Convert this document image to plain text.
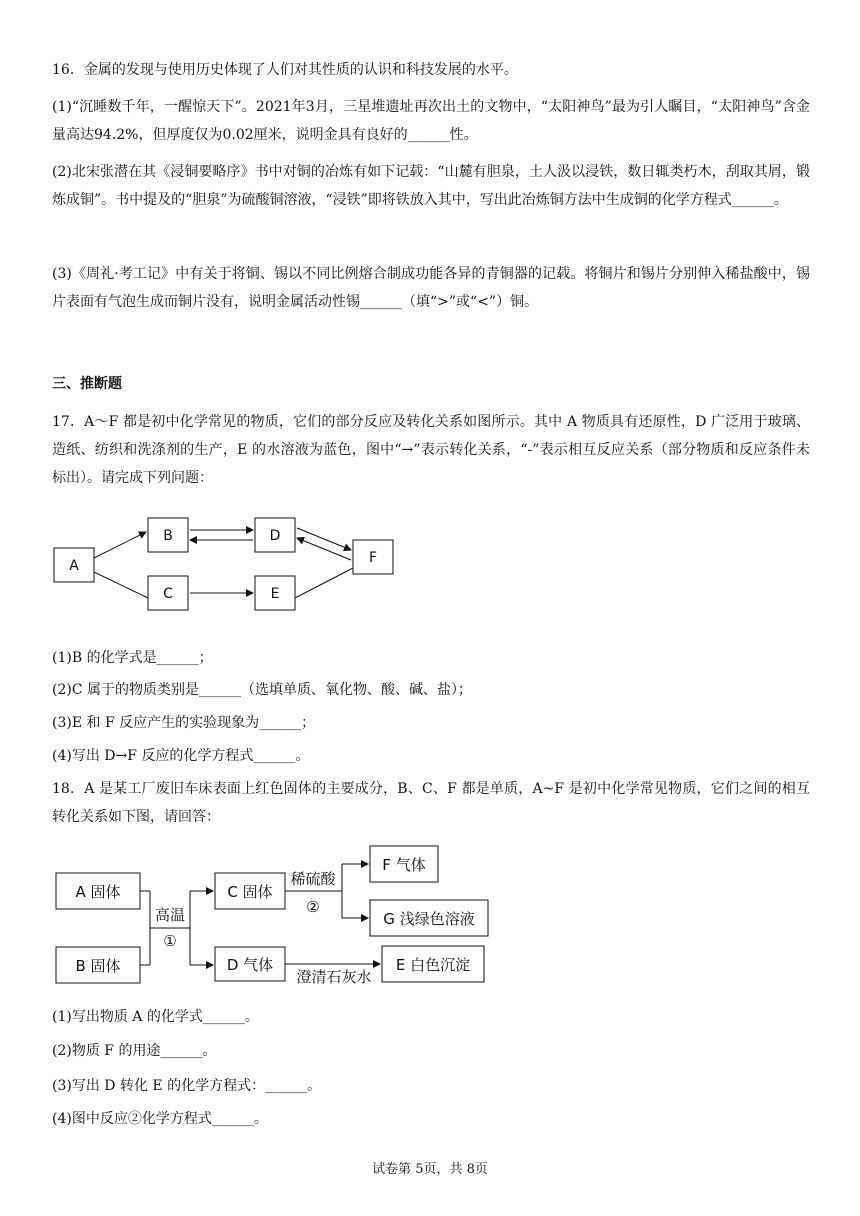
16．金属的发现与使用历史体现了人们对其性质的认识和科技发展的水平。

(1)“沉睡数千年，一醒惊天下”。2021年3月，三星堆遗址再次出土的文物中，“太阳神鸟”最为引人瞩目，“太阳神鸟”含金量高达94.2%，但厚度仅为0.02厘米，说明金具有良好的______性。

(2)北宋张潜在其《浸铜要略序》书中对铜的冶炼有如下记载：“山麓有胆泉，土人汲以浸铁，数日辄类朽木，刮取其屑，锻炼成铜”。书中提及的“胆泉”为硫酸铜溶液，“浸铁”即将铁放入其中，写出此冶炼铜方法中生成铜的化学方程式______。

(3)《周礼·考工记》中有关于将铜、锡以不同比例熔合制成功能各异的青铜器的记载。将铜片和锡片分别伸入稀盐酸中，锡片表面有气泡生成而铜片没有，说明金属活动性锡______（填“>”或“<”）铜。

三、推断题

17．A～F 都是初中化学常见的物质，它们的部分反应及转化关系如图所示。其中 A 物质具有还原性，D 广泛用于玻璃、造纸、纺织和洗涤剂的生产，E 的水溶液为蓝色，图中“→”表示转化关系，“-”表示相互反应关系（部分物质和反应条件未标出）。请完成下列问题：

A
B
C
D
E
F

(1)B 的化学式是______；

(2)C 属于的物质类别是______（选填单质、氧化物、酸、碱、盐）；

(3)E 和 F 反应产生的实验现象为______；

(4)写出 D→F 反应的化学方程式______。

18．A 是某工厂废旧车床表面上红色固体的主要成分，B、C、F 都是单质，A~F 是初中化学常见物质，它们之间的相互转化关系如下图，请回答：

A 固体
B 固体
C 固体
D 气体
F 气体
G 浅绿色溶液
E 白色沉淀
高温
①
稀硫酸
②
澄清石灰水

(1)写出物质 A 的化学式______。

(2)物质 F 的用途______。

(3)写出 D 转化 E 的化学方程式：______。

(4)图中反应②化学方程式______。

试卷第 5页，共 8页
